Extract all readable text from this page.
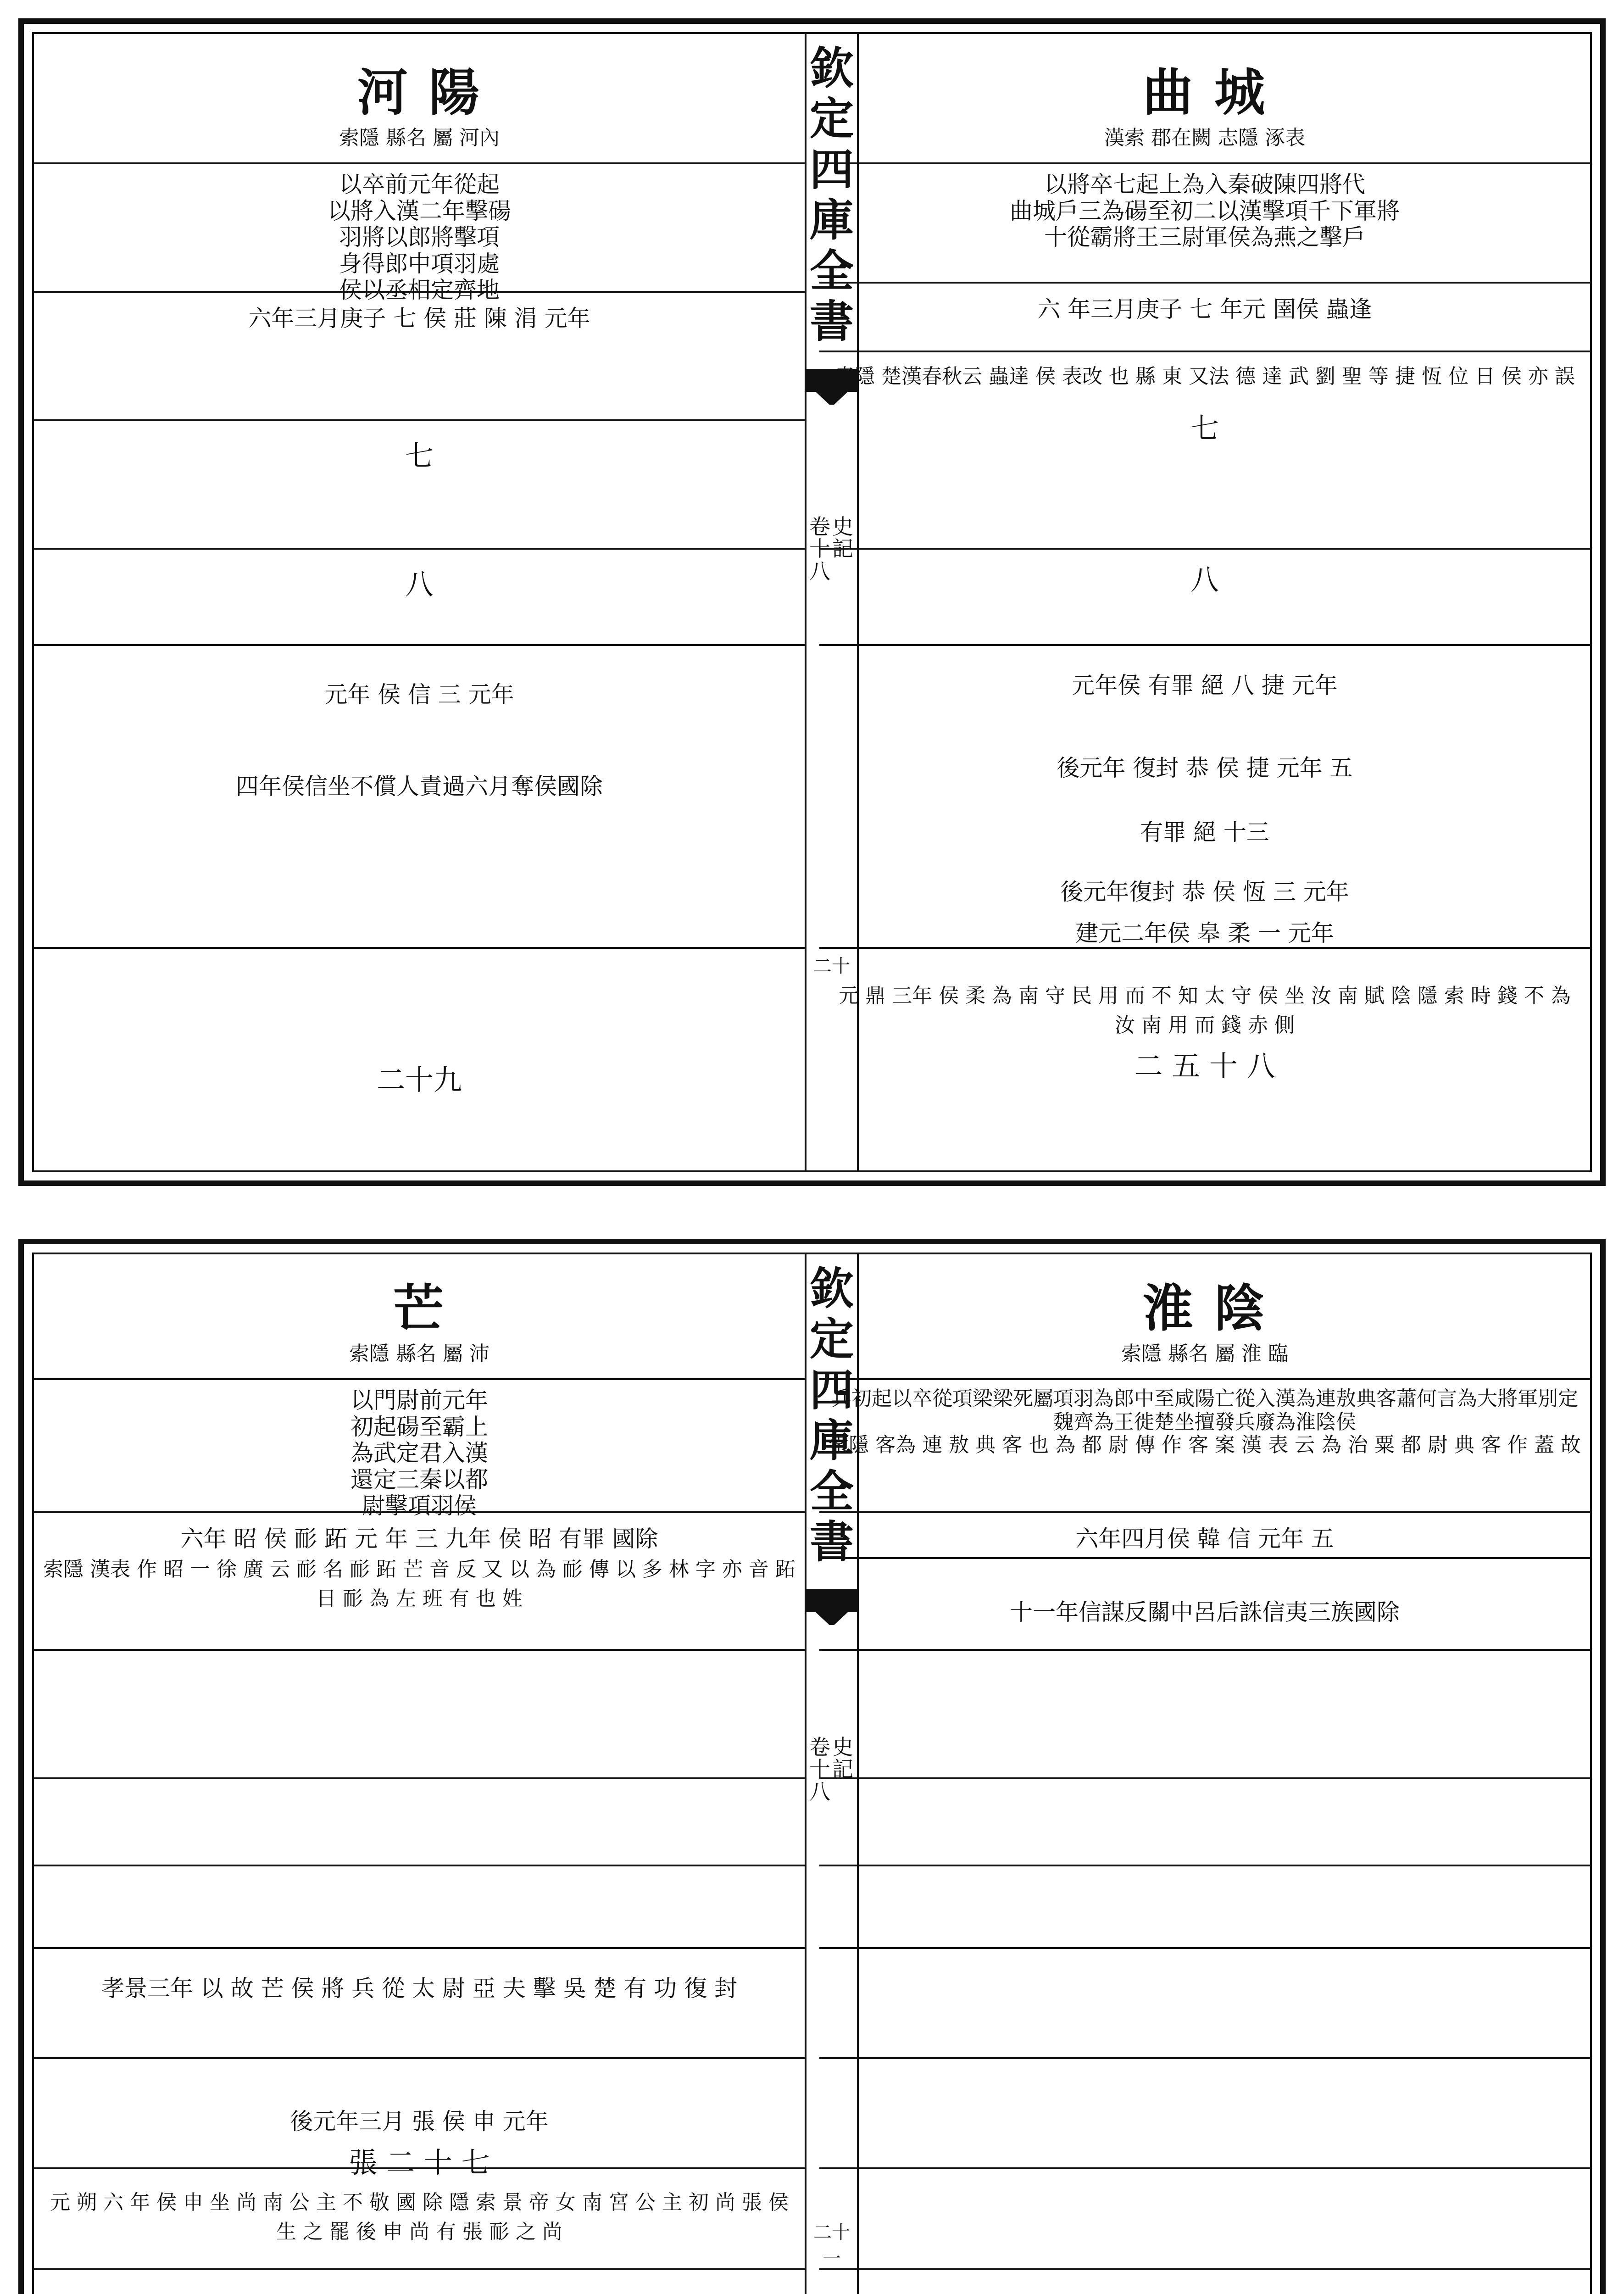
欽
定
四
庫
全
書
史
記
卷
十
八
二十
曲 城
漢索 郡在闕 志隱 涿表
以將卒七起上為入秦破陳四將代
曲城戶三為碭至初二以漢擊項千下軍將
十從霸將王三尉軍侯為燕之擊戶
六 年三月庚子 七 年元 圉侯 蟲逢
索隱 楚漢春秋云 蟲達 侯 表改 也 縣 東 又法 德 達 武 劉 聖 等 捷 恆 位 日 侯 亦 誤
七
八
元年侯 有罪 絕 八 捷 元年
後元年 復封 恭 侯 捷 元年 五
有罪 絕 十三
後元年復封 恭 侯 恆 三 元年
建元二年侯 皋 柔 一 元年
元 鼎 三年 侯 柔 為 南 守 民 用 而 不 知 太 守 侯 坐 汝 南 賦 陰 隱 索 時 錢 不 為 汝 南 用 而 錢 赤 側
二 五 十 八
河 陽
索隱 縣名 屬 河內
以卒前元年從起
以將入漢二年擊碭
羽將以郎將擊項
身得郎中項羽處
侯以丞相定齊地
六年三月庚子 七 侯 莊 陳 涓 元年
七
八
元年 侯 信 三 元年
四年侯信坐不償人責過六月奪侯國除
二十九
欽
定
四
庫
全
書
史
記
卷
十
八
二十一
淮 陰
索隱 縣名 屬 淮 臨
兵初起以卒從項梁梁死屬項羽為郎中至咸陽亡從入漢為連敖典客蕭何言為大將軍別定魏齊為王徙楚坐擅發兵廢為淮陰侯
索隱 客為 連 敖 典 客 也 為 都 尉 傳 作 客 案 漢 表 云 為 治 粟 都 尉 典 客 作 蓋 故
六年四月侯 韓 信 元年 五
十一年信謀反關中呂后誅信夷三族國除
芒
索隱 縣名 屬 沛
以門尉前元年
初起碭至霸上
為武定君入漢
還定三秦以都
尉擊項羽侯
六年 昭 侯 耏 跖 元 年 三 九年 侯 昭 有罪 國除
索隱 漢表 作 昭 一 徐 廣 云 耏 名 耏 跖 芒 音 反 又 以 為 耏 傳 以 多 林 字 亦 音 跖 日 耏 為 左 班 有 也 姓
孝景三年 以 故 芒 侯 將 兵 從 太 尉 亞 夫 擊 吳 楚 有 功 復 封
後元年三月 張 侯 申 元年
張 二 十 七
元 朔 六 年 侯 申 坐 尚 南 公 主 不 敬 國 除 隱 索 景 帝 女 南 宮 公 主 初 尚 張 侯 生 之 罷 後 申 尚 有 張 耏 之 尚
